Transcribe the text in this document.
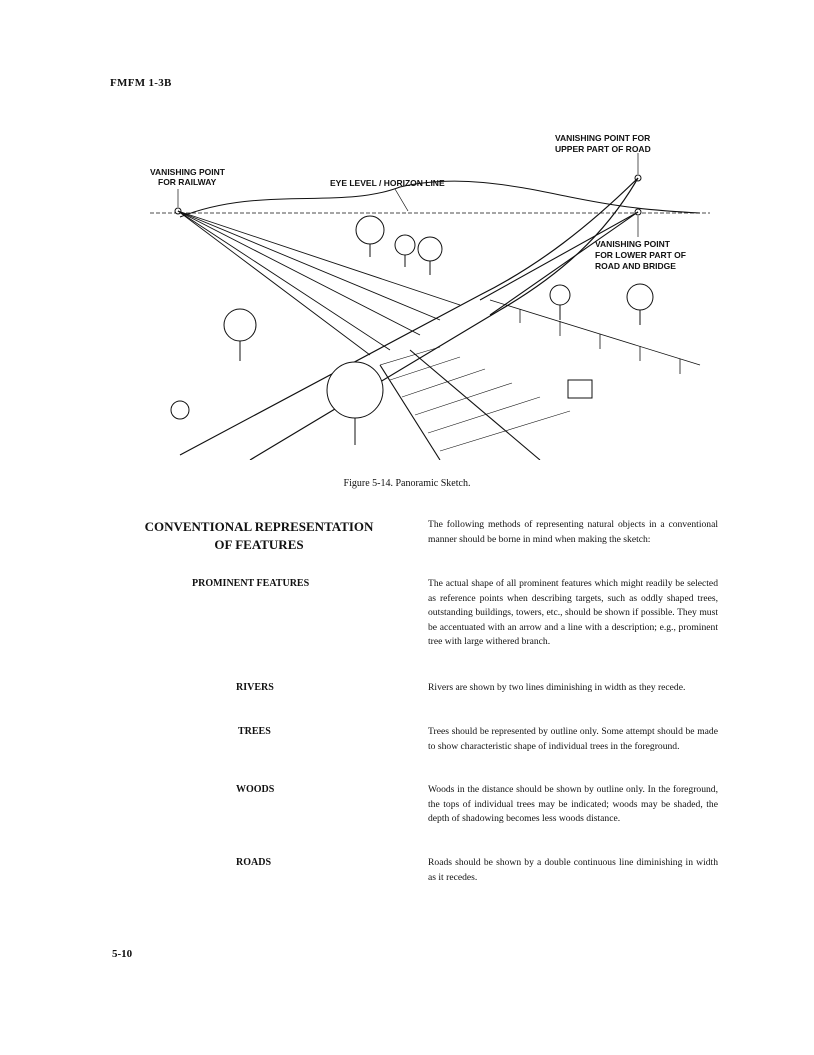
FMFM 1-3B
VANISHING POINT
FOR RAILWAY	EYE LEVEL / HORIZON LINE
VANISHING POINT FOR
UPPER PART OF ROAD
VANISHING POINT
FOR LOWER PART OF
ROAD AND BRIDGE
Figure 5-14. Panoramic Sketch.
CONVENTIONAL REPRESENTATION
OF FEATURES
The following methods of representing natural objects in a conventional manner should be borne in mind when making the sketch:
PROMINENT FEATURES	The actual shape of all prominent features which might readily be selected as reference points when describing targets, such as oddly shaped trees, outstanding buildings, towers, etc., should be shown if possible. They must be accentuated with an arrow and a line with a description; e.g., prominent tree with large withered branch.
RIVERS	Rivers are shown by two lines diminishing in width as they recede.
TREES	Trees should be represented by outline only. Some attempt should be made to show characteristic shape of individual trees in the foreground.
WOODS	Woods in the distance should be shown by outline only. In the foreground, the tops of individual trees may be indicated; woods may be shaded, the depth of shadowing becomes less woods distance.
ROADS	Roads should be shown by a double continuous line diminishing in width as it recedes.
5-10
